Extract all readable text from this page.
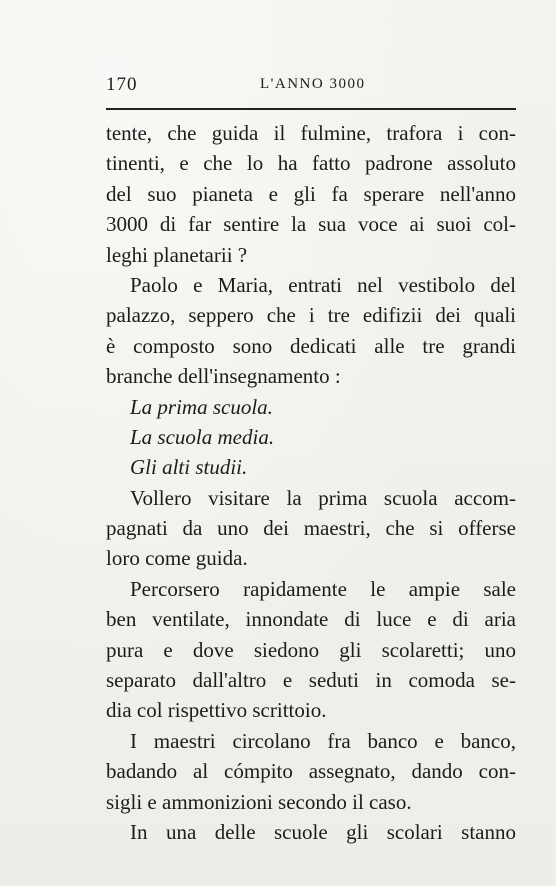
170	L'ANNO 3000
tente, che guida il fulmine, trafora i con-
tinenti, e che lo ha fatto padrone assoluto
del suo pianeta e gli fa sperare nell'anno
3000 di far sentire la sua voce ai suoi col-
leghi planetarii ?
Paolo e Maria, entrati nel vestibolo del
palazzo, seppero che i tre edifizii dei quali
è composto sono dedicati alle tre grandi
branche dell'insegnamento :
La prima scuola.
La scuola media.
Gli alti studii.
Vollero visitare la prima scuola accom-
pagnati da uno dei maestri, che si offerse
loro come guida.
Percorsero rapidamente le ampie sale
ben ventilate, innondate di luce e di aria
pura e dove siedono gli scolaretti; uno
separato dall'altro e seduti in comoda se-
dia col rispettivo scrittoio.
I maestri circolano fra banco e banco,
badando al cómpito assegnato, dando con-
sigli e ammonizioni secondo il caso.
In una delle scuole gli scolari stanno
